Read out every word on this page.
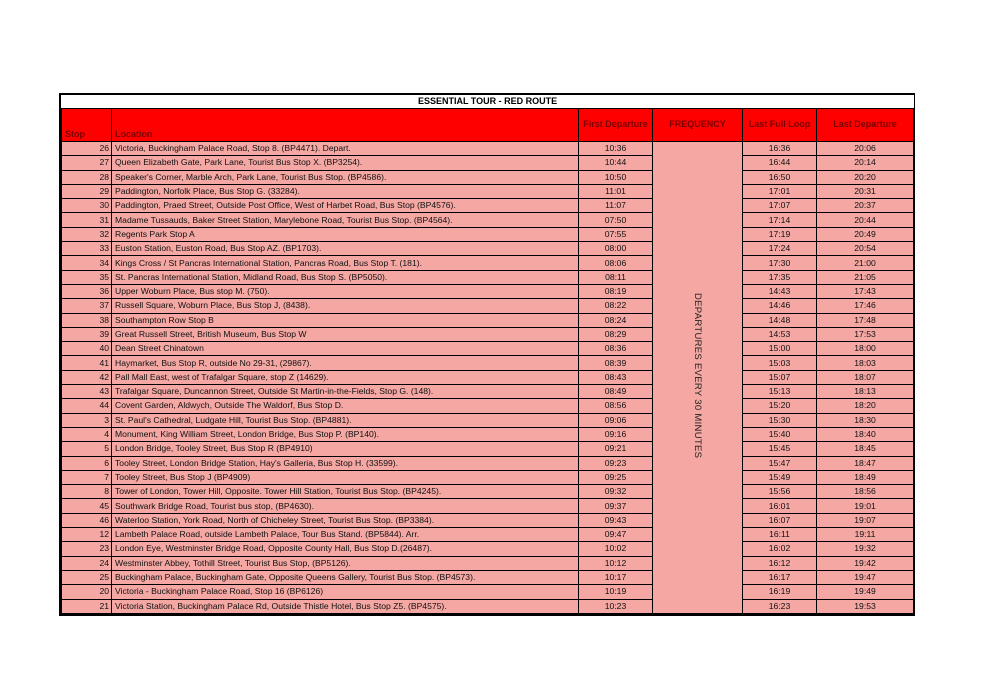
ESSENTIAL TOUR - RED ROUTE					
Stop	Location	First Departure	FREQUENCY	Last Full Loop	Last Departure
26	Victoria, Buckingham Palace Road, Stop 8. (BP4471). Depart.	10:36	DEPARTURES EVERY 30 MINUTES	16:36	20:06
27	Queen Elizabeth Gate, Park Lane, Tourist Bus Stop X. (BP3254).	10:44		16:44	20:14
28	Speaker's Corner, Marble Arch, Park Lane, Tourist Bus Stop. (BP4586).	10:50		16:50	20:20
29	Paddington, Norfolk Place, Bus Stop G. (33284).	11:01		17:01	20:31
30	Paddington, Praed Street, Outside Post Office, West of Harbet Road, Bus Stop (BP4576).	11:07		17:07	20:37
31	Madame Tussauds, Baker Street Station, Marylebone Road, Tourist Bus Stop. (BP4564).	07:50		17:14	20:44
32	Regents Park Stop A	07:55		17:19	20:49
33	Euston Station, Euston Road, Bus Stop AZ. (BP1703).	08:00		17:24	20:54
34	Kings Cross / St Pancras International Station, Pancras Road, Bus Stop T. (181).	08:06		17:30	21:00
35	St. Pancras International Station, Midland Road, Bus Stop S. (BP5050).	08:11		17:35	21:05
36	Upper Woburn Place, Bus stop M. (750).	08:19		14:43	17:43
37	Russell Square, Woburn Place, Bus Stop J, (8438).	08:22		14:46	17:46
38	Southampton Row Stop B	08:24		14:48	17:48
39	Great Russell Street, British Museum, Bus Stop W	08:29		14:53	17:53
40	Dean Street Chinatown	08:36		15:00	18:00
41	Haymarket, Bus Stop R, outside No 29-31, (29867).	08:39		15:03	18:03
42	Pall Mall East, west of Trafalgar Square, stop Z (14629).	08:43		15:07	18:07
43	Trafalgar Square, Duncannon Street, Outside St Martin-in-the-Fields, Stop G. (148).	08:49		15:13	18:13
44	Covent Garden, Aldwych, Outside The Waldorf, Bus Stop D.	08:56		15:20	18:20
3	St. Paul's Cathedral, Ludgate Hill, Tourist Bus Stop. (BP4881).	09:06		15:30	18:30
4	Monument, King William Street, London Bridge, Bus Stop P. (BP140).	09:16		15:40	18:40
5	London Bridge, Tooley Street, Bus Stop R (BP4910)	09:21		15:45	18:45
6	Tooley Street, London Bridge Station, Hay's Galleria, Bus Stop H. (33599).	09:23		15:47	18:47
7	Tooley Street, Bus Stop J (BP4909)	09:25		15:49	18:49
8	Tower of London, Tower Hill, Opposite. Tower Hill Station, Tourist Bus Stop. (BP4245).	09:32		15:56	18:56
45	Southwark Bridge Road, Tourist bus stop, (BP4630).	09:37		16:01	19:01
46	Waterloo Station, York Road, North of Chicheley Street, Tourist Bus Stop. (BP3384).	09:43		16:07	19:07
12	Lambeth Palace Road, outside Lambeth Palace, Tour Bus Stand. (BP5844). Arr.	09:47		16:11	19:11
23	London Eye, Westminster Bridge Road, Opposite County Hall, Bus Stop D.(26487).	10:02		16:02	19:32
24	Westminster Abbey, Tothill Street, Tourist Bus Stop, (BP5126).	10:12		16:12	19:42
25	Buckingham Palace, Buckingham Gate, Opposite Queens Gallery, Tourist Bus Stop. (BP4573).	10:17		16:17	19:47
20	Victoria - Buckingham Palace Road, Stop 16 (BP6126)	10:19		16:19	19:49
21	Victoria Station, Buckingham Palace Rd, Outside Thistle Hotel, Bus Stop Z5. (BP4575).	10:23		16:23	19:53
